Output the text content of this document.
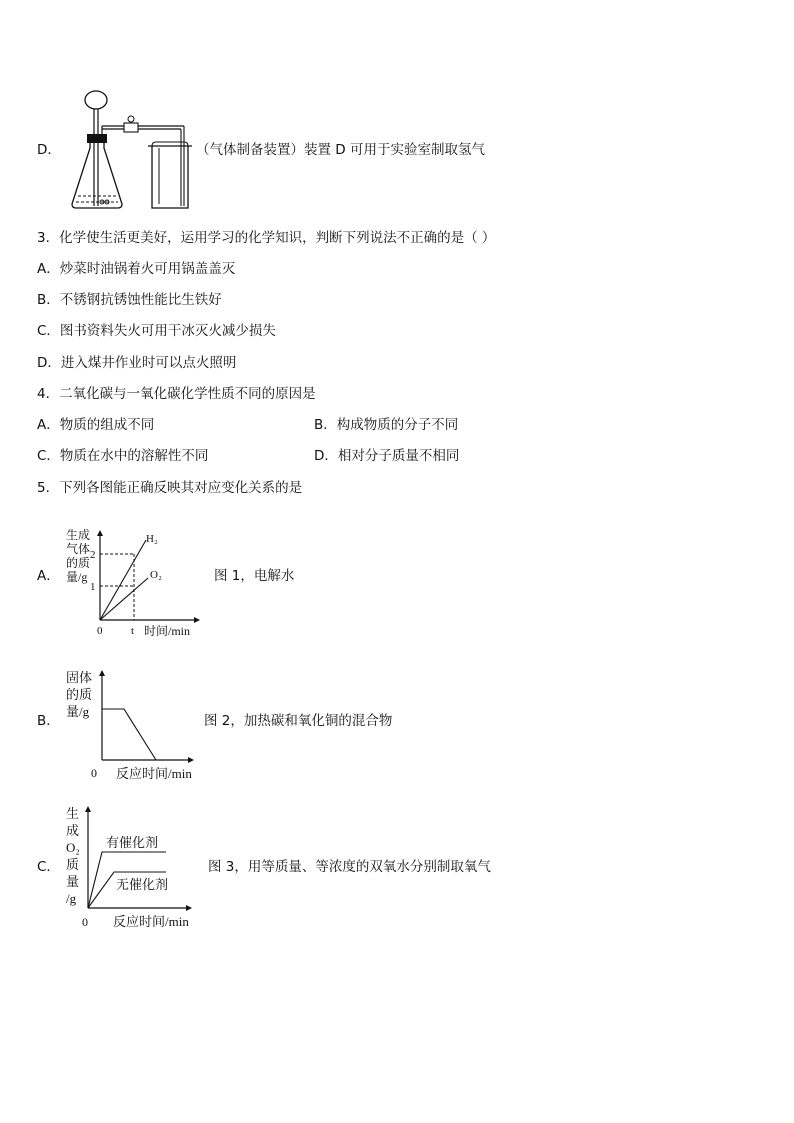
D．	（气体制备装置）装置 D 可用于实验室制取氢气
3．化学使生活更美好，运用学习的化学知识，判断下列说法不正确的是（ ）
A．炒菜时油锅着火可用锅盖盖灭
B．不锈钢抗锈蚀性能比生铁好
C．图书资料失火可用干冰灭火减少损失
D．进入煤井作业时可以点火照明
4．二氧化碳与一氧化碳化学性质不同的原因是
A．物质的组成不同	B．构成物质的分子不同
C．物质在水中的溶解性不同	D．相对分子质量不相同
5．下列各图能正确反映其对应变化关系的是
A．
生成
气体
的质
量/g
H₂
O₂
2
1
0	t 时间/min
图 1，电解水
B．
固体
的质
量/g
0 反应时间/min
图 2，加热碳和氧化铜的混合物
C．
生
成
O₂
质
量
/g
有催化剂
无催化剂
0 反应时间/min
图 3，用等质量、等浓度的双氧水分别制取氧气
